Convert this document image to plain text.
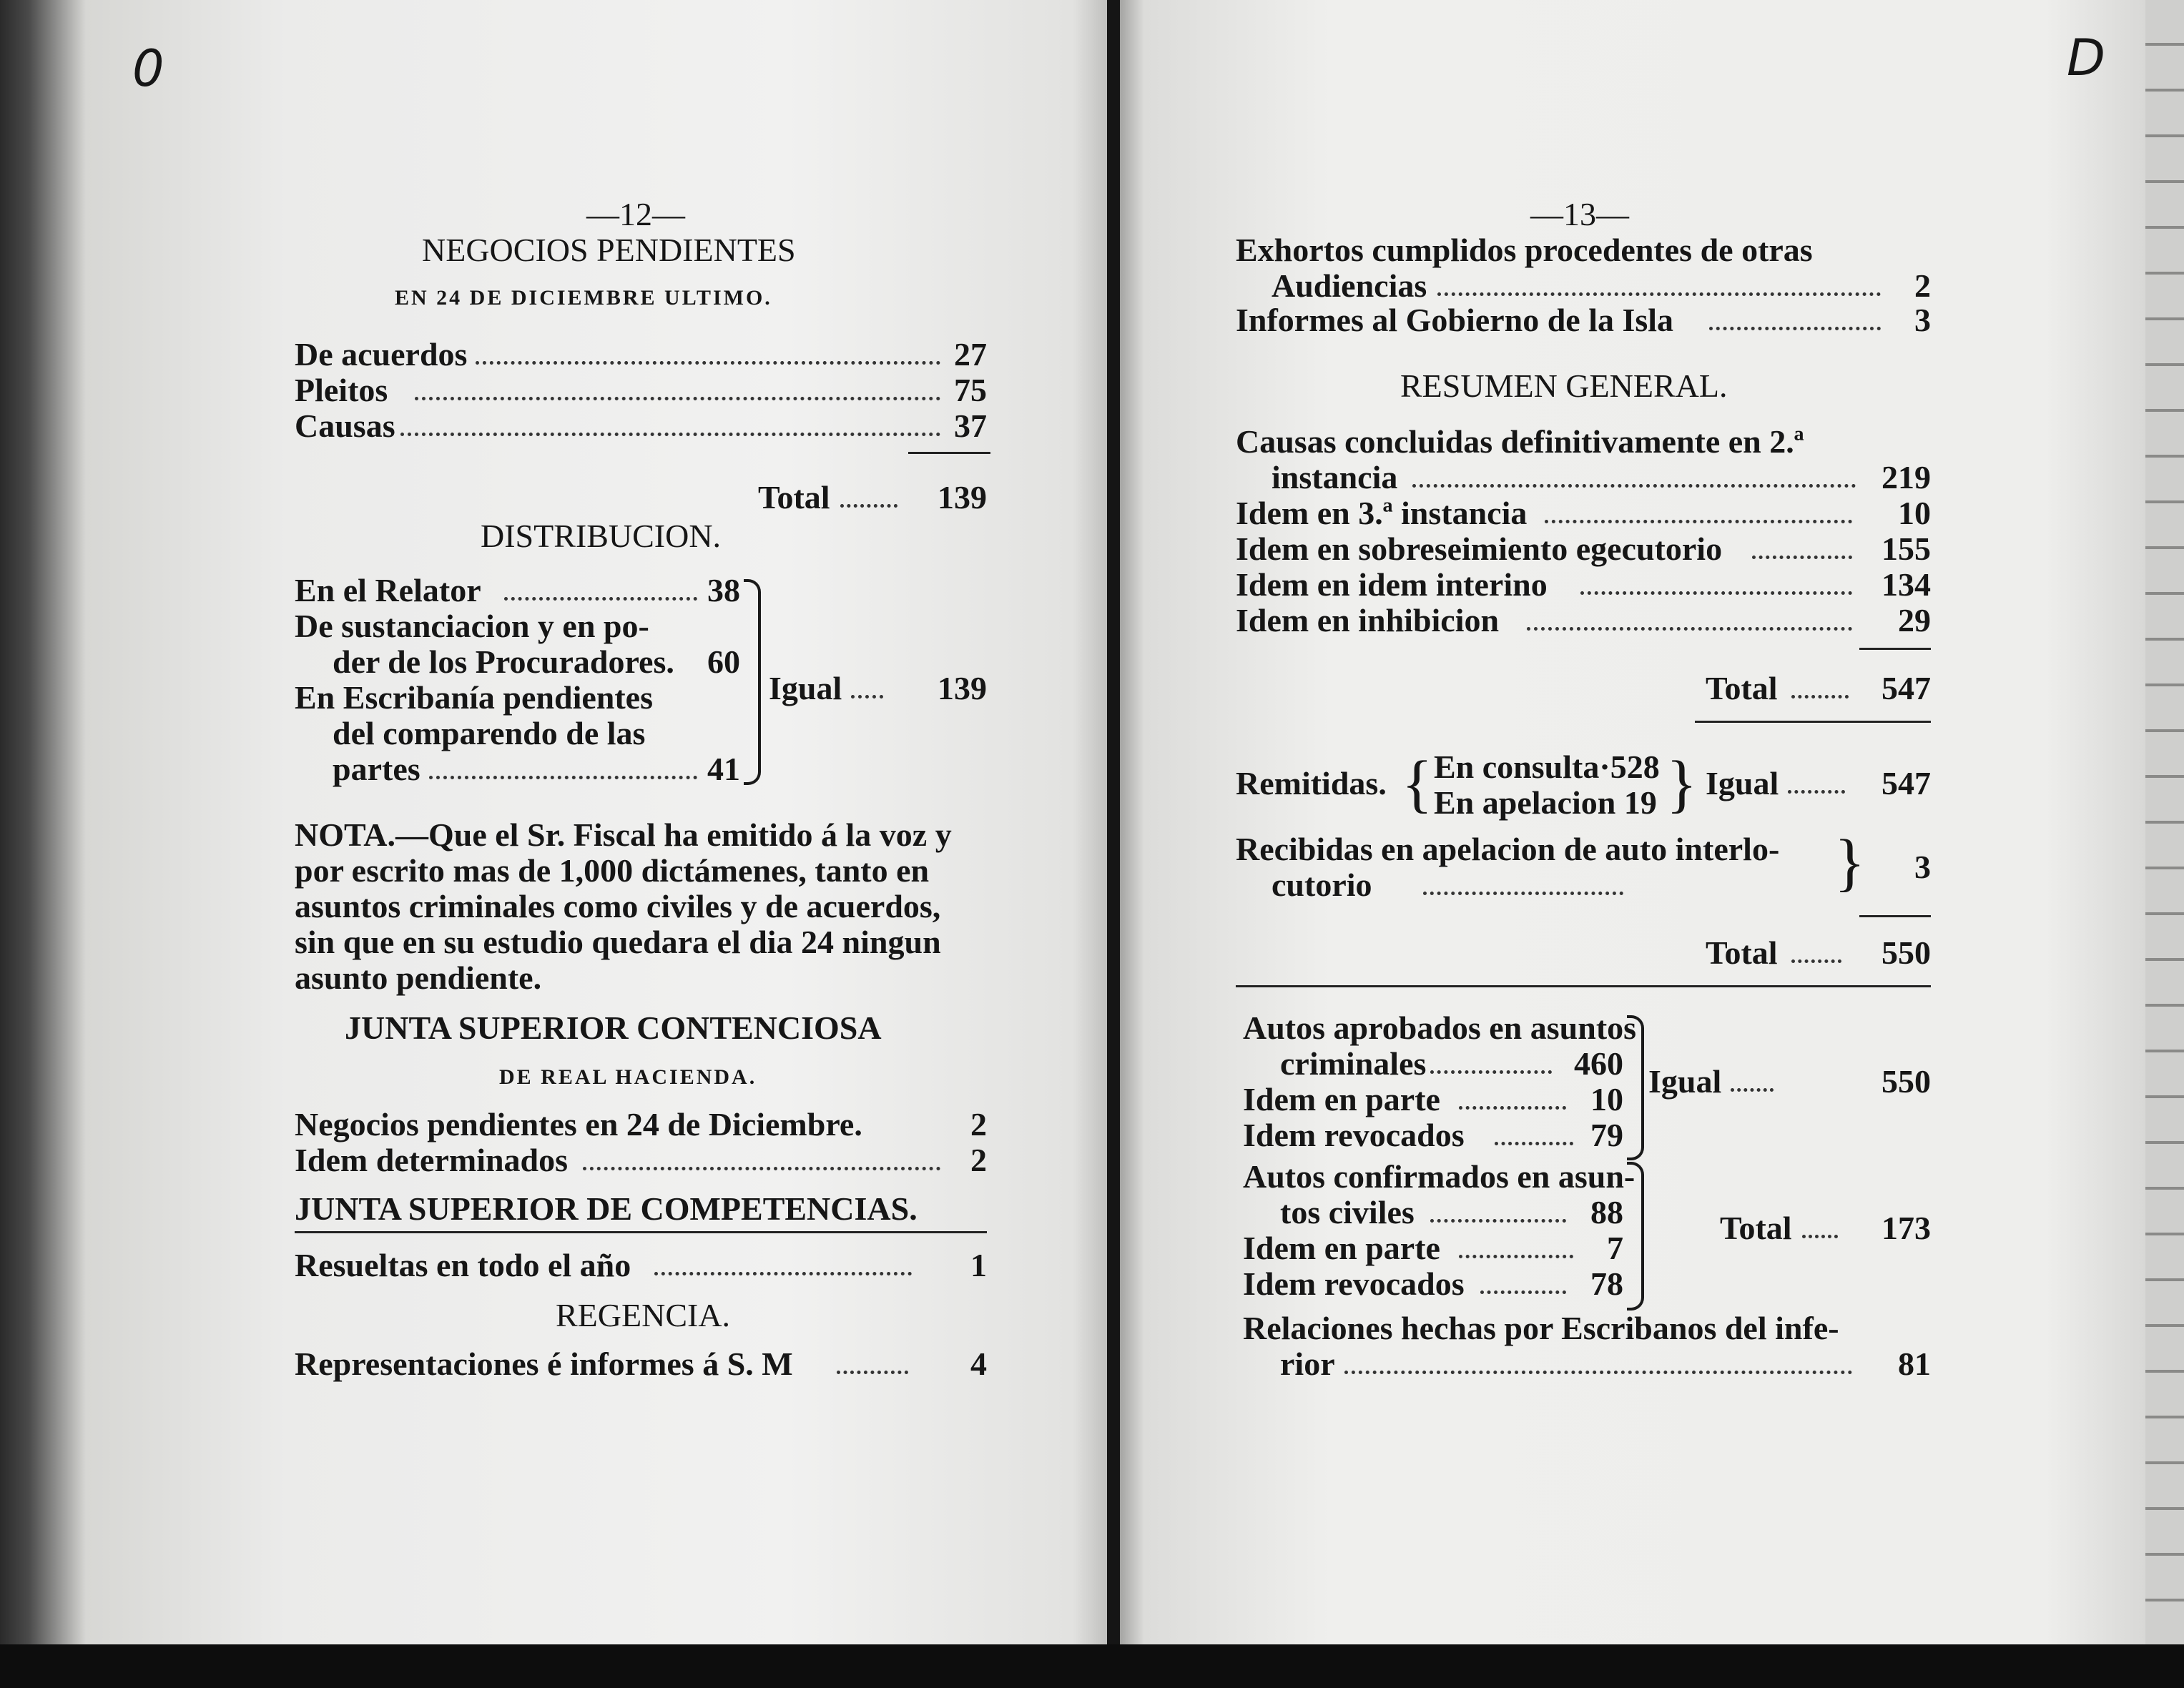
0	D
—12—
NEGOCIOS PENDIENTES
EN 24 DE DICIEMBRE ULTIMO.
De acuerdos	27
Pleitos	75
Causas	37
Total	139
DISTRIBUCION.
En el Relator	38
De sustanciacion y en po-
der de los Procuradores.	60
En Escribanía pendientes
del comparendo de las
partes	41
Igual	139
NOTA.—Que el Sr. Fiscal ha emitido á la voz y
por escrito mas de 1,000 dictámenes, tanto en
asuntos criminales como civiles y de acuerdos,
sin que en su estudio quedara el dia 24 ningun
asunto pendiente.
JUNTA SUPERIOR CONTENCIOSA
DE REAL HACIENDA.
Negocios pendientes en 24 de Diciembre.	2
Idem determinados	2
JUNTA SUPERIOR DE COMPETENCIAS.
Resueltas en todo el año	1
REGENCIA.
Representaciones é informes á S. M	4
—13—
Exhortos cumplidos procedentes de otras
Audiencias	2
Informes al Gobierno de la Isla	3
RESUMEN GENERAL.
Causas concluidas definitivamente en 2.ª
instancia	219
Idem en 3.ª instancia	10
Idem en sobreseimiento egecutorio	155
Idem en idem interino	134
Idem en inhibicion	29
Total	547
Remitidas. { En consulta·528
En apelacion 19 } Igual	547
Recibidas en apelacion de auto interlo-
cutorio	}	3
Total	550
Autos aprobados en asuntos
criminales	460
Idem en parte	10
Idem revocados	79
Igual	550
Autos confirmados en asun-
tos civiles	88
Idem en parte	7
Idem revocados	78
Total	173
Relaciones hechas por Escribanos del infe-
rior	81
